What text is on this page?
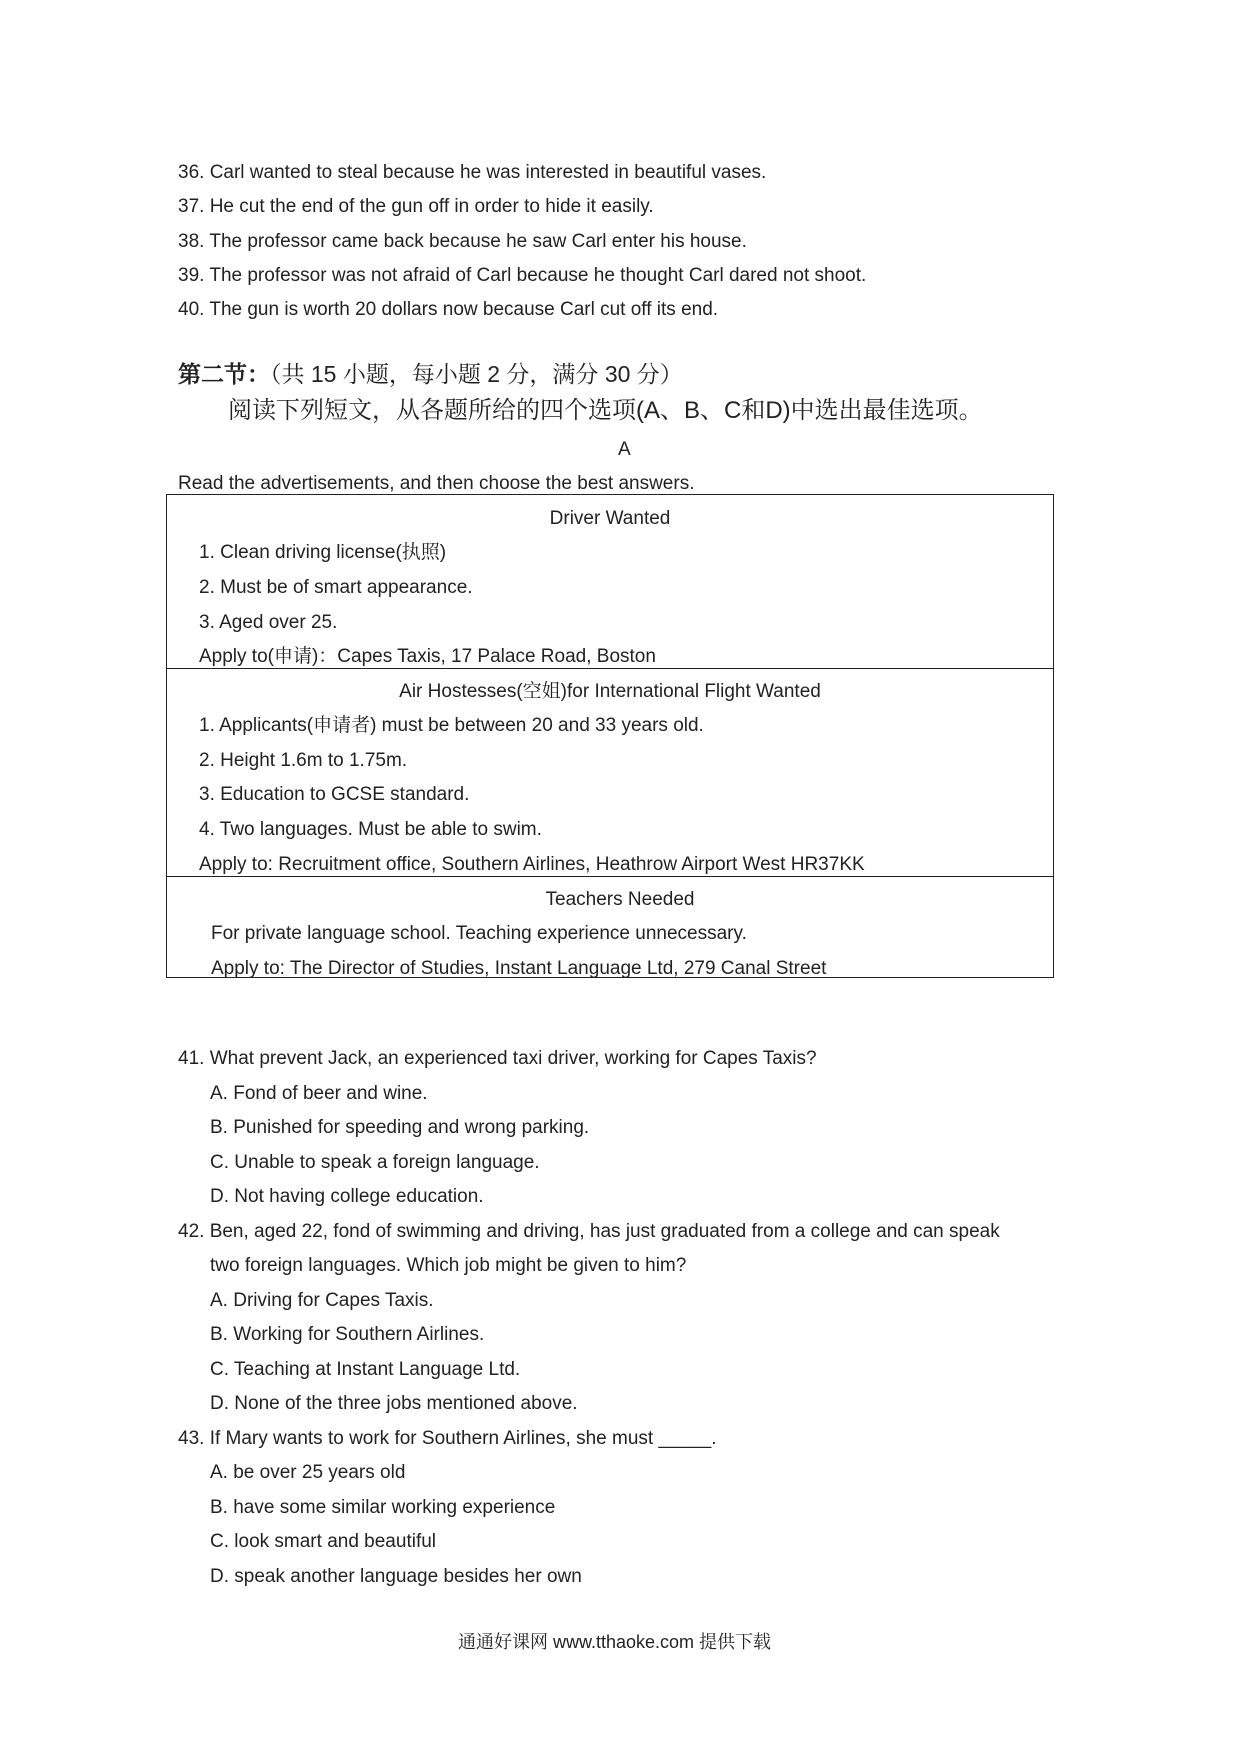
36. Carl wanted to steal because he was interested in beautiful vases.
37. He cut the end of the gun off in order to hide it easily.
38. The professor came back because he saw Carl enter his house.
39. The professor was not afraid of Carl because he thought Carl dared not shoot.
40. The gun is worth 20 dollars now because Carl cut off its end.
第二节：（共 15 小题，每小题 2 分，满分 30 分）
阅读下列短文，从各题所给的四个选项(A、B、C和D)中选出最佳选项。
A
Read the advertisements, and then choose the best answers.
Driver Wanted
1. Clean driving license(执照)
2. Must be of smart appearance.
3. Aged over 25.
Apply to(申请)：Capes Taxis, 17 Palace Road, Boston
Air Hostesses(空姐)for International Flight Wanted
1. Applicants(申请者) must be between 20 and 33 years old.
2. Height 1.6m to 1.75m.
3. Education to GCSE standard.
4. Two languages. Must be able to swim.
Apply to: Recruitment office, Southern Airlines, Heathrow Airport West HR37KK
Teachers Needed
For private language school. Teaching experience unnecessary.
Apply to: The Director of Studies, Instant Language Ltd, 279 Canal Street
41. What prevent Jack, an experienced taxi driver, working for Capes Taxis?
A. Fond of beer and wine.
B. Punished for speeding and wrong parking.
C. Unable to speak a foreign language.
D. Not having college education.
42. Ben, aged 22, fond of swimming and driving, has just graduated from a college and can speak
two foreign languages. Which job might be given to him?
A. Driving for Capes Taxis.
B. Working for Southern Airlines.
C. Teaching at Instant Language Ltd.
D. None of the three jobs mentioned above.
43. If Mary wants to work for Southern Airlines, she must _____.
A. be over 25 years old
B. have some similar working experience
C. look smart and beautiful
D. speak another language besides her own
通通好课网 www.tthaoke.com 提供下载
